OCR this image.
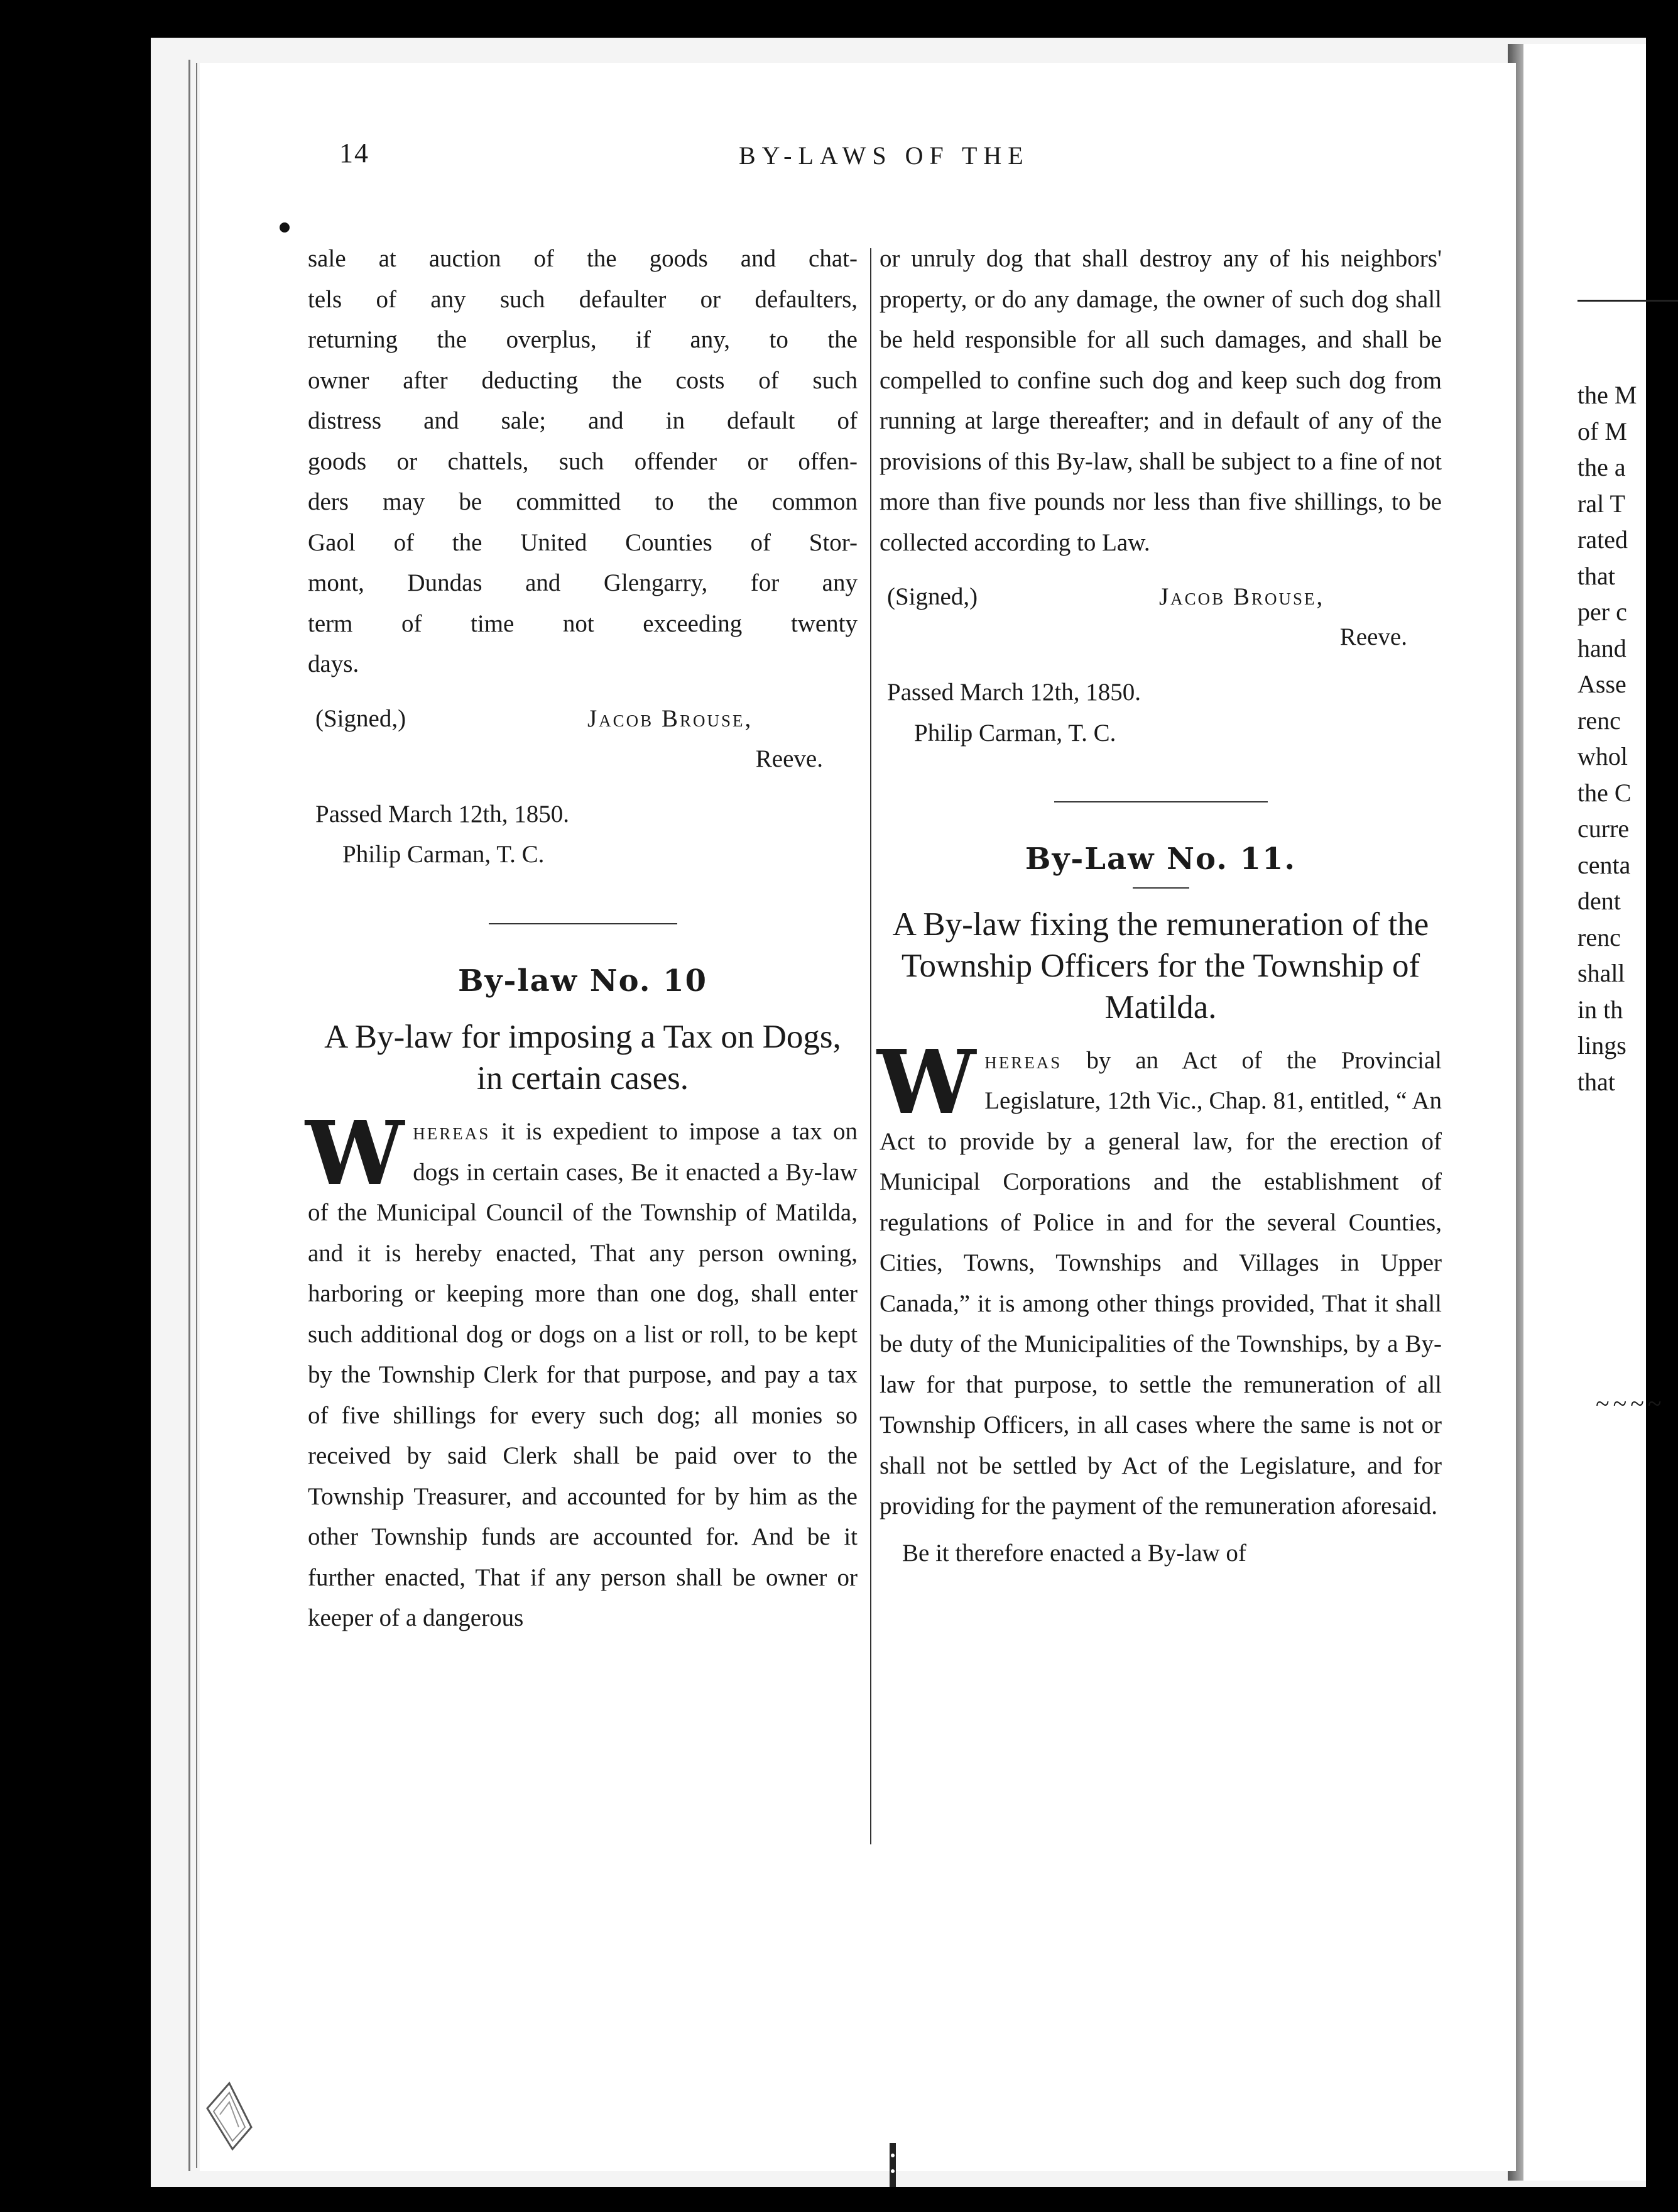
the M
of M
the a
ral T
rated
that
per c
hand
Asse
renc
whol
the C
curre
centa
dent
renc
shall
in th
lings
that
~~~~
14	BY-LAWS OF THE
sale at auction of the goods and chat-
tels of any such defaulter or defaulters,
returning the overplus, if any, to the
owner after deducting the costs of such
distress and sale; and in default of
goods or chattels, such offender or offen-
ders may be committed to the common
Gaol of the United Counties of Stor-
mont, Dundas and Glengarry, for any
term of time not exceeding twenty
days.
(Signed,)	Jacob Brouse,
Reeve.
Passed March 12th, 1850.
Philip Carman, T. C.
By-law No. 10
A By-law for imposing a Tax on Dogs, in certain cases.

Whereas it is expedient to impose a tax on dogs in certain cases, Be it enacted a By-law of the Municipal Council of the Township of Matilda, and it is hereby enacted, That any person owning, harboring or keeping more than one dog, shall enter such additional dog or dogs on a list or roll, to be kept by the Township Clerk for that purpose, and pay a tax of five shillings for every such dog; all monies so received by said Clerk shall be paid over to the Township Treasurer, and accounted for by him as the other Township funds are accounted for. And be it further enacted, That if any person shall be owner or keeper of a dangerous

or unruly dog that shall destroy any of his neighbors' property, or do any damage, the owner of such dog shall be held responsible for all such damages, and shall be compelled to confine such dog and keep such dog from running at large thereafter; and in default of any of the provisions of this By-law, shall be subject to a fine of not more than five pounds nor less than five shillings, to be collected according to Law.

(Signed,)	Jacob Brouse,
Reeve.
Passed March 12th, 1850.
Philip Carman, T. C.
By-Law No. 11.
A By-law fixing the remuneration of the Township Officers for the Township of Matilda.

Whereas by an Act of the Provincial Legislature, 12th Vic., Chap. 81, entitled, “ An Act to provide by a general law, for the erection of Municipal Corporations and the establishment of regulations of Police in and for the several Counties, Cities, Towns, Townships and Villages in Upper Canada,” it is among other things provided, That it shall be duty of the Municipalities of the Townships, by a By-law for that purpose, to settle the remuneration of all Township Officers, in all cases where the same is not or shall not be settled by Act of the Legislature, and for providing for the payment of the remuneration aforesaid.

Be it therefore enacted a By-law of
